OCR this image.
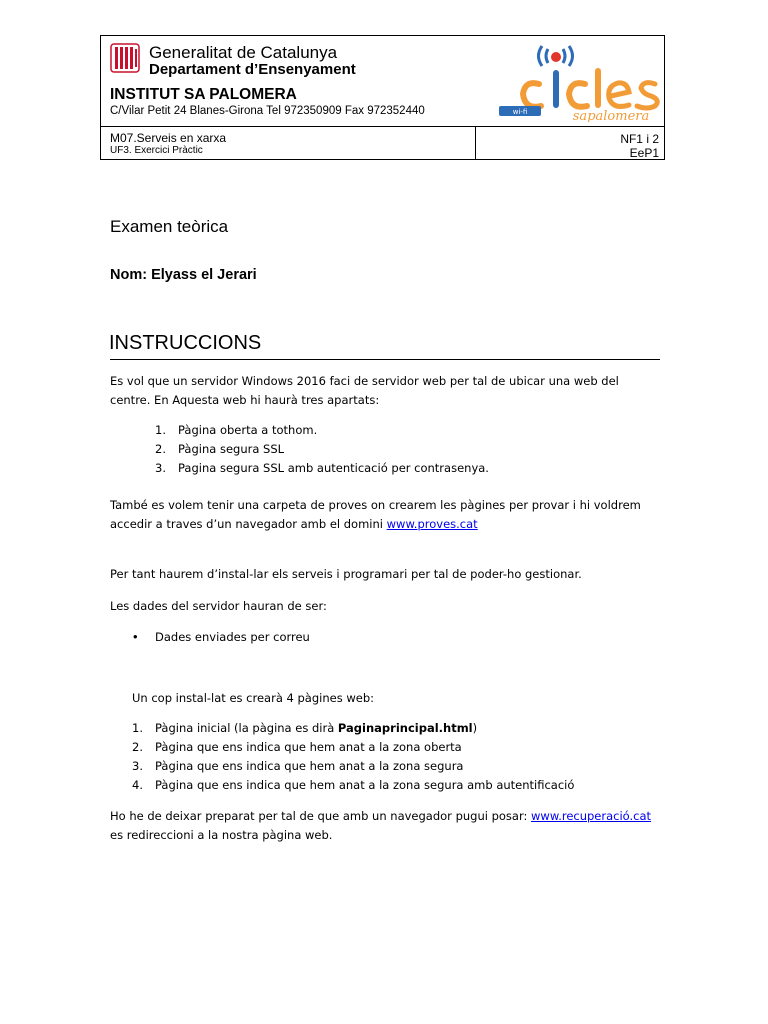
Generalitat de Catalunya
Departament d’Ensenyament
INSTITUT SA PALOMERA
C/Vilar Petit 24 Blanes-Girona Tel 972350909 Fax 972352440	wi-fi	sapalomera
M07.Serveis en xarxa
UF3. Exercici Pràctic
NF1 i 2
EeP1
Examen teòrica
Nom: Elyass el Jerari
INSTRUCCIONS
Es vol que un servidor Windows 2016 faci de servidor web per tal de ubicar una web del
centre. En Aquesta web hi haurà tres apartats:
1. Pàgina oberta a tothom.
2. Pàgina segura SSL
3. Pagina segura SSL amb autenticació per contrasenya.
També es volem tenir una carpeta de proves on crearem les pàgines per provar i hi voldrem
accedir a traves d’un navegador amb el domini www.proves.cat
Per tant haurem d’instal-lar els serveis i programari per tal de poder-ho gestionar.
Les dades del servidor hauran de ser:
• Dades enviades per correu
Un cop instal-lat es crearà 4 pàgines web:
1. Pàgina inicial (la pàgina es dirà Paginaprincipal.html)
2. Pàgina que ens indica que hem anat a la zona oberta
3. Pàgina que ens indica que hem anat a la zona segura
4. Pàgina que ens indica que hem anat a la zona segura amb autentificació
Ho he de deixar preparat per tal de que amb un navegador pugui posar: www.recuperació.cat
es redireccioni a la nostra pàgina web.
